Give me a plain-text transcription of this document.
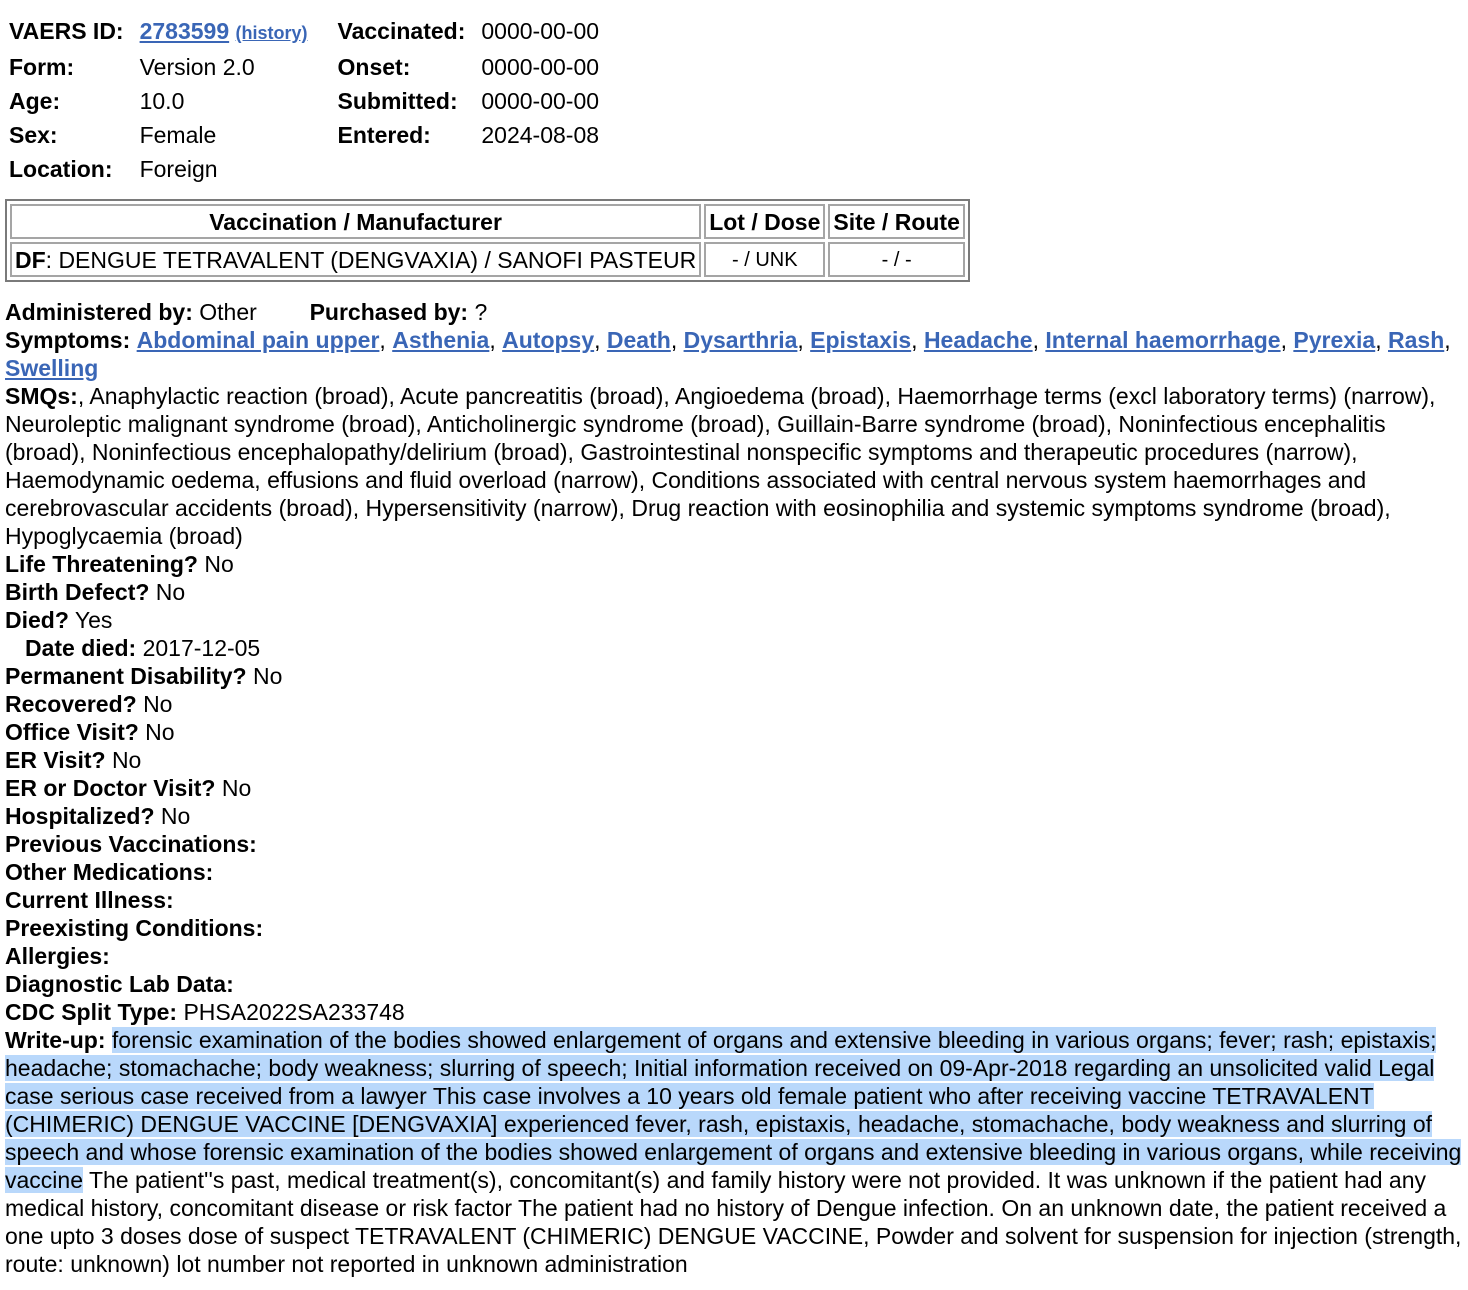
VAERS ID:	2783599 (history)	Vaccinated:	0000-00-00
Form:	Version 2.0	Onset:	0000-00-00
Age:	10.0	Submitted:	0000-00-00
Sex:	Female	Entered:	2024-08-08
Location:	Foreign		
Vaccination / Manufacturer	Lot / Dose	Site / Route
DF: DENGUE TETRAVALENT (DENGVAXIA) / SANOFI PASTEUR	- / UNK	- / -
Administered by: Other Purchased by: ?
Symptoms: Abdominal pain upper, Asthenia, Autopsy, Death, Dysarthria, Epistaxis, Headache, Internal haemorrhage, Pyrexia, Rash, Swelling
SMQs:, Anaphylactic reaction (broad), Acute pancreatitis (broad), Angioedema (broad), Haemorrhage terms (excl laboratory terms) (narrow), Neuroleptic malignant syndrome (broad), Anticholinergic syndrome (broad), Guillain-Barre syndrome (broad), Noninfectious encephalitis (broad), Noninfectious encephalopathy/delirium (broad), Gastrointestinal nonspecific symptoms and therapeutic procedures (narrow), Haemodynamic oedema, effusions and fluid overload (narrow), Conditions associated with central nervous system haemorrhages and cerebrovascular accidents (broad), Hypersensitivity (narrow), Drug reaction with eosinophilia and systemic symptoms syndrome (broad), Hypoglycaemia (broad)
Life Threatening? No
Birth Defect? No
Died? Yes
Date died: 2017-12-05
Permanent Disability? No
Recovered? No
Office Visit? No
ER Visit? No
ER or Doctor Visit? No
Hospitalized? No
Previous Vaccinations:
Other Medications:
Current Illness:
Preexisting Conditions:
Allergies:
Diagnostic Lab Data:
CDC Split Type: PHSA2022SA233748
Write-up: forensic examination of the bodies showed enlargement of organs and extensive bleeding in various organs; fever; rash; epistaxis; headache; stomachache; body weakness; slurring of speech; Initial information received on 09-Apr-2018 regarding an unsolicited valid Legal case serious case received from a lawyer This case involves a 10 years old female patient who after receiving vaccine TETRAVALENT (CHIMERIC) DENGUE VACCINE [DENGVAXIA] experienced fever, rash, epistaxis, headache, stomachache, body weakness and slurring of speech and whose forensic examination of the bodies showed enlargement of organs and extensive bleeding in various organs, while receiving vaccine The patient''s past, medical treatment(s), concomitant(s) and family history were not provided. It was unknown if the patient had any medical history, concomitant disease or risk factor The patient had no history of Dengue infection. On an unknown date, the patient received a one upto 3 doses dose of suspect TETRAVALENT (CHIMERIC) DENGUE VACCINE, Powder and solvent for suspension for injection (strength, route: unknown) lot number not reported in unknown administration
